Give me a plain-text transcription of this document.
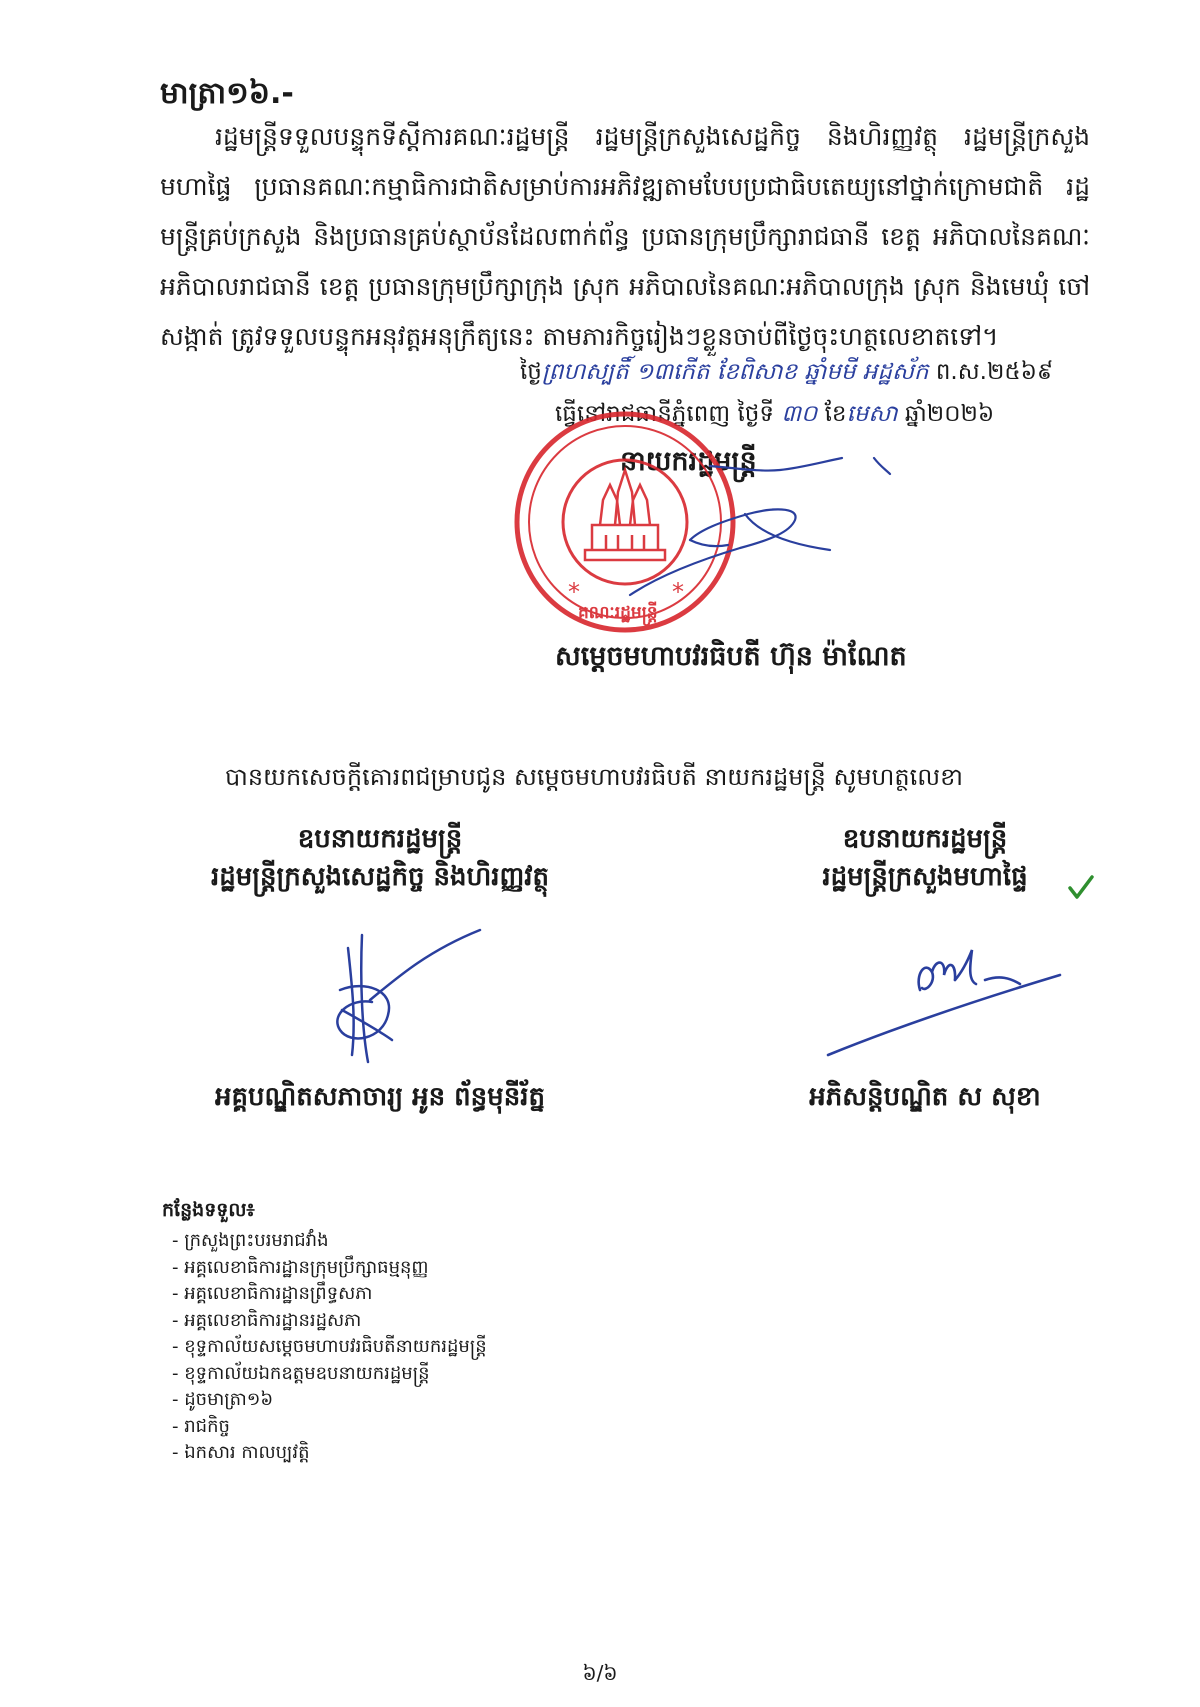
មាត្រា១៦.-
រដ្ឋមន្ត្រីទទួលបន្ទុកទីស្ដីការគណៈរដ្ឋមន្ត្រី រដ្ឋមន្ត្រីក្រសួងសេដ្ឋកិច្ច និងហិរញ្ញវត្ថុ រដ្ឋមន្ត្រីក្រសួងមហាផ្ទៃ ប្រធានគណៈកម្មាធិការជាតិសម្រាប់ការអភិវឌ្ឍតាមបែបប្រជាធិបតេយ្យនៅថ្នាក់ក្រោមជាតិ រដ្ឋមន្ត្រីគ្រប់ក្រសួង និងប្រធានគ្រប់ស្ថាប័នដែលពាក់ព័ន្ធ ប្រធានក្រុមប្រឹក្សារាជធានី ខេត្ត អភិបាលនៃគណៈអភិបាលរាជធានី ខេត្ត ប្រធានក្រុមប្រឹក្សាក្រុង ស្រុក អភិបាលនៃគណៈអភិបាលក្រុង ស្រុក និងមេឃុំ ចៅសង្កាត់ ត្រូវទទួលបន្ទុកអនុវត្តអនុក្រឹត្យនេះ តាមភារកិច្ចរៀងៗខ្លួនចាប់ពីថ្ងៃចុះហត្ថលេខាតទៅ។
ថ្ងៃព្រហស្បតិ៍ ១៣កើត ខែពិសាខ ឆ្នាំមមី អដ្ឋស័ក ព.ស.២៥៦៩
ធ្វើនៅរាជធានីភ្នំពេញ ថ្ងៃទី ៣០ ខែមេសា ឆ្នាំ២០២៦
នាយករដ្ឋមន្ត្រី
សម្ដេចមហាបវរធិបតី ហ៊ុន ម៉ាណែត
*	*
គណៈរដ្ឋមន្ត្រី
បានយកសេចក្ដីគោរពជម្រាបជូន សម្ដេចមហាបវរធិបតី នាយករដ្ឋមន្ត្រី សូមហត្ថលេខា
ឧបនាយករដ្ឋមន្ត្រី
រដ្ឋមន្ត្រីក្រសួងសេដ្ឋកិច្ច និងហិរញ្ញវត្ថុ
ឧបនាយករដ្ឋមន្ត្រី
រដ្ឋមន្ត្រីក្រសួងមហាផ្ទៃ
អគ្គបណ្ឌិតសភាចារ្យ អូន ព័ន្ធមុនីរ័ត្ន	អភិសន្តិបណ្ឌិត ស សុខា
កន្លែងទទួល៖
- ក្រសួងព្រះបរមរាជវាំង
- អគ្គលេខាធិការដ្ឋានក្រុមប្រឹក្សាធម្មនុញ្ញ
- អគ្គលេខាធិការដ្ឋានព្រឹទ្ធសភា
- អគ្គលេខាធិការដ្ឋានរដ្ឋសភា
- ខុទ្ទកាល័យសម្ដេចមហាបវរធិបតីនាយករដ្ឋមន្ត្រី
- ខុទ្ទកាល័យឯកឧត្តមឧបនាយករដ្ឋមន្ត្រី
- ដូចមាត្រា១៦
- រាជកិច្ច
- ឯកសារ កាលប្បវត្តិ
៦/៦
